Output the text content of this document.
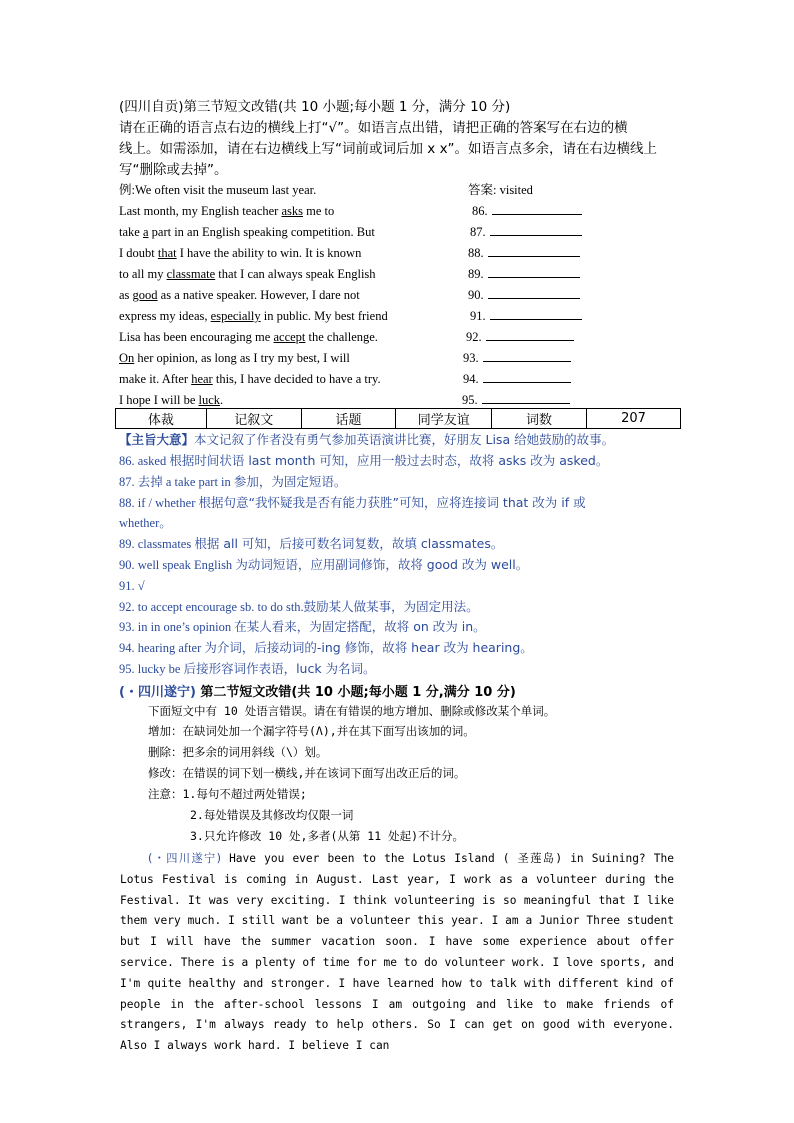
(四川自贡)第三节短文改错(共 10 小题;每小题 1 分，满分 10 分)
请在正确的语言点右边的横线上打“√”。如语言点出错，请把正确的答案写在右边的横
线上。如需添加，请在右边横线上写“词前或词后加 x x”。如语言点多余，请在右边横线上
写“删除或去掉”。
例:We often visit the museum last year.	答案: visited
Last month, my English teacher asks me to	86.
take a part in an English speaking competition. But	87.
I doubt that I have the ability to win. It is known	88.
to all my classmate that I can always speak English	89.
as good as a native speaker. However, I dare not	90.
express my ideas, especially in public. My best friend	91.
Lisa has been encouraging me accept the challenge.	92.
On her opinion, as long as I try my best, I will	93.
make it. After hear this, I have decided to have a try.	94.
I hope I will be luck.	95.
体裁	记叙文	话题	同学友谊	词数	207
【主旨大意】本文记叙了作者没有勇气参加英语演讲比赛，好朋友 Lisa 给她鼓励的故事。
86. asked 根据时间状语 last month 可知，应用一般过去时态，故将 asks 改为 asked。
87. 去掉 a take part in 参加，为固定短语。
88. if / whether 根据句意“我怀疑我是否有能力获胜”可知，应将连接词 that 改为 if 或
whether。
89. classmates 根据 all 可知，后接可数名词复数，故填 classmates。
90. well speak English 为动词短语，应用副词修饰，故将 good 改为 well。
91. √
92. to accept encourage sb. to do sth.鼓励某人做某事，为固定用法。
93. in in one’s opinion 在某人看来，为固定搭配，故将 on 改为 in。
94. hearing after 为介词，后接动词的-ing 修饰，故将 hear 改为 hearing。
95. lucky be 后接形容词作表语，luck 为名词。
(・四川遂宁) 第二节短文改错(共 10 小题;每小题 1 分,满分 10 分)
下面短文中有 10 处语言错误。请在有错误的地方增加、删除或修改某个单词。
增加：在缺词处加一个漏字符号(Λ),并在其下面写出该加的词。
删除：把多余的词用斜线（\）划。
修改：在错误的词下划一横线,并在该词下面写出改正后的词。
注意：1.每句不超过两处错误;
2.每处错误及其修改均仅限一词
3.只允许修改 10 处,多者(从第 11 处起)不计分。

(・四川遂宁) Have you ever been to the Lotus Island ( 圣莲岛) in Suining? The Lotus Festival is coming in August. Last year, I work as a volunteer during the Festival. It was very exciting. I think volunteering is so meaningful that I like them very much. I still want be a volunteer this year. I am a Junior Three student but I will have the summer vacation soon. I have some experience about offer service. There is a plenty of time for me to do volunteer work. I love sports, and I'm quite healthy and stronger. I have learned how to talk with different kind of people in the after-school lessons I am outgoing and like to make friends of strangers, I'm always ready to help others. So I can get on good with everyone. Also I always work hard. I believe I can
